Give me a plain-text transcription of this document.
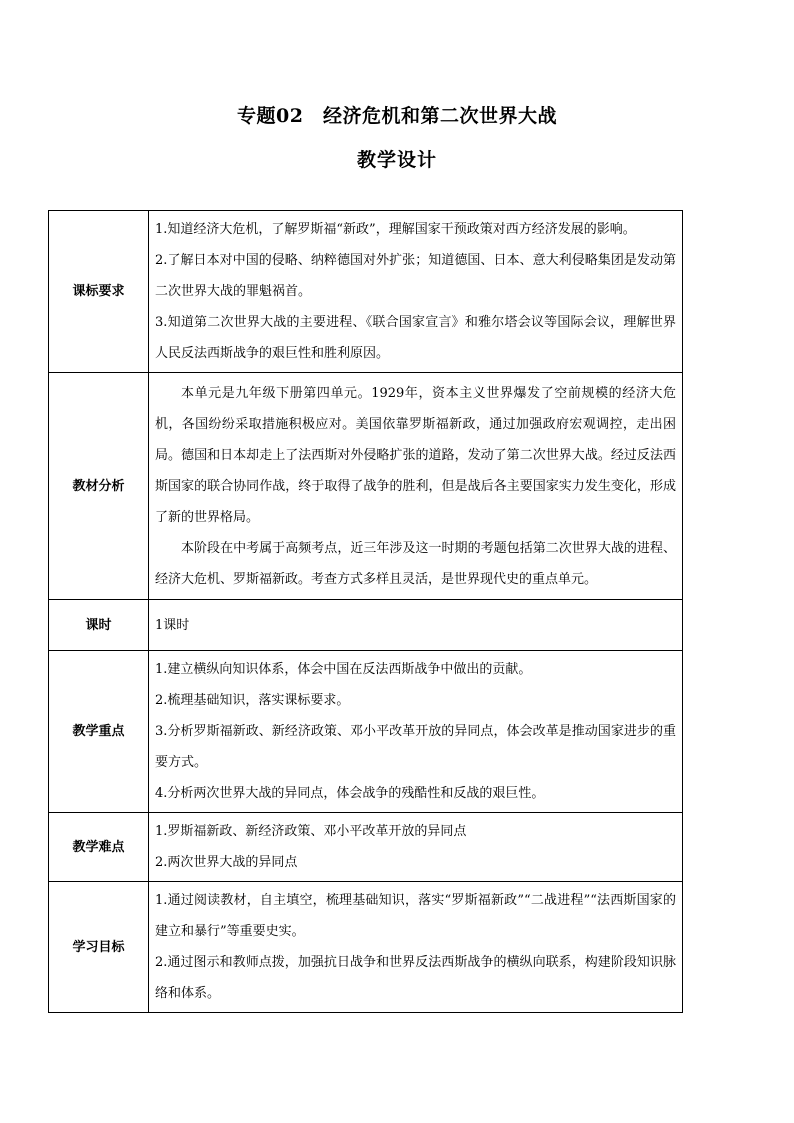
专题02　经济危机和第二次世界大战
教学设计
课标要求	1.知道经济大危机，了解罗斯福“新政”，理解国家干预政策对西方经济发展的影响。

2.了解日本对中国的侵略、纳粹德国对外扩张；知道德国、日本、意大利侵略集团是发动第二次世界大战的罪魁祸首。

3.知道第二次世界大战的主要进程、《联合国家宣言》和雅尔塔会议等国际会议，理解世界人民反法西斯战争的艰巨性和胜利原因。

教材分析	本单元是九年级下册第四单元。1929年，资本主义世界爆发了空前规模的经济大危机，各国纷纷采取措施积极应对。美国依靠罗斯福新政，通过加强政府宏观调控，走出困局。德国和日本却走上了法西斯对外侵略扩张的道路，发动了第二次世界大战。经过反法西斯国家的联合协同作战，终于取得了战争的胜利，但是战后各主要国家实力发生变化，形成了新的世界格局。

本阶段在中考属于高频考点，近三年涉及这一时期的考题包括第二次世界大战的进程、经济大危机、罗斯福新政。考查方式多样且灵活，是世界现代史的重点单元。

课时	1课时

教学重点	1.建立横纵向知识体系，体会中国在反法西斯战争中做出的贡献。

2.梳理基础知识，落实课标要求。

3.分析罗斯福新政、新经济政策、邓小平改革开放的异同点，体会改革是推动国家进步的重要方式。

4.分析两次世界大战的异同点，体会战争的残酷性和反战的艰巨性。

教学难点	1.罗斯福新政、新经济政策、邓小平改革开放的异同点

2.两次世界大战的异同点

学习目标	1.通过阅读教材，自主填空，梳理基础知识，落实“罗斯福新政”“二战进程”“法西斯国家的建立和暴行”等重要史实。

2.通过图示和教师点拨，加强抗日战争和世界反法西斯战争的横纵向联系，构建阶段知识脉络和体系。
